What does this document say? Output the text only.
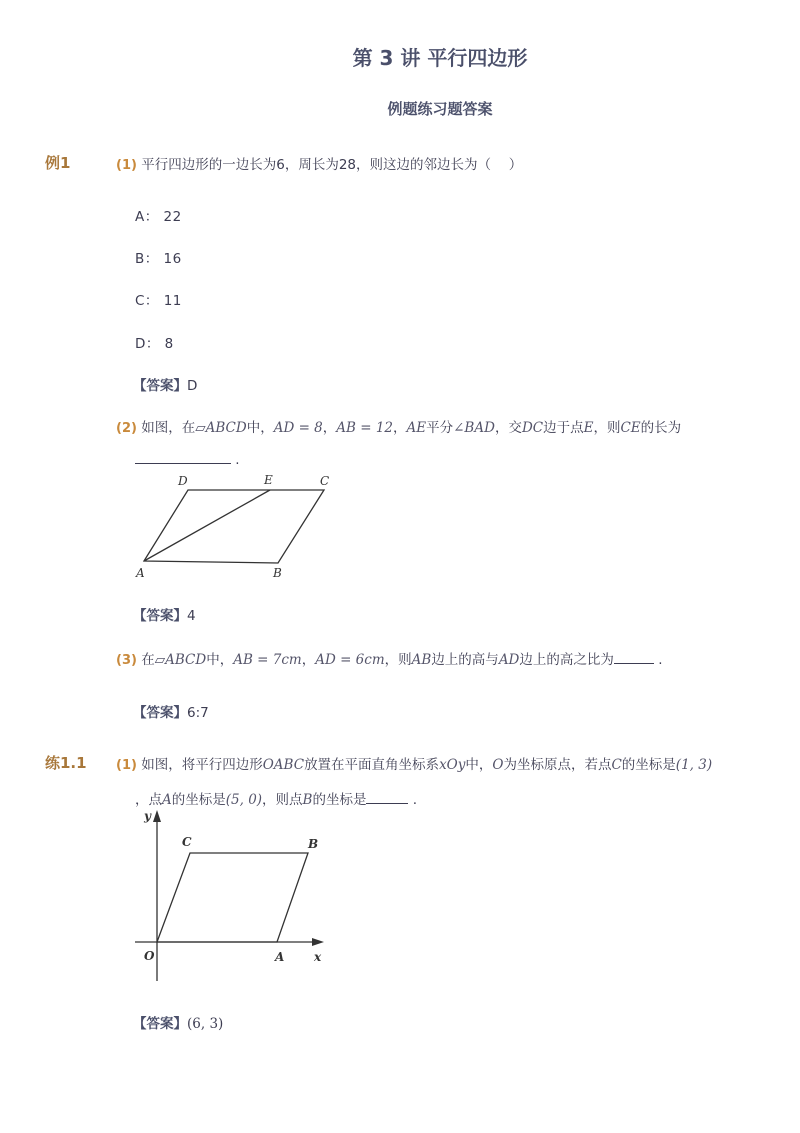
第 3 讲 平行四边形
例题练习题答案
例1	(1) 平行四边形的一边长为6，周长为28，则这边的邻边长为（　 ）
A： 22
B： 16
C： 11
D： 8
【答案】D
(2) 如图，在▱ABCD中，AD = 8，AB = 12，AE平分∠BAD，交DC边于点E，则CE的长为
.
D	E	C
A	B
【答案】4
(3) 在▱ABCD中，AB = 7cm，AD = 6cm，则AB边上的高与AD边上的高之比为	.
【答案】6:7
练1.1 (1) 如图，将平行四边形OABC放置在平面直角坐标系xOy中，O为坐标原点，若点C的坐标是(1, 3)
，点A的坐标是(5, 0)，则点B的坐标是	.
y
C	B
O	A x
【答案】(6, 3)
